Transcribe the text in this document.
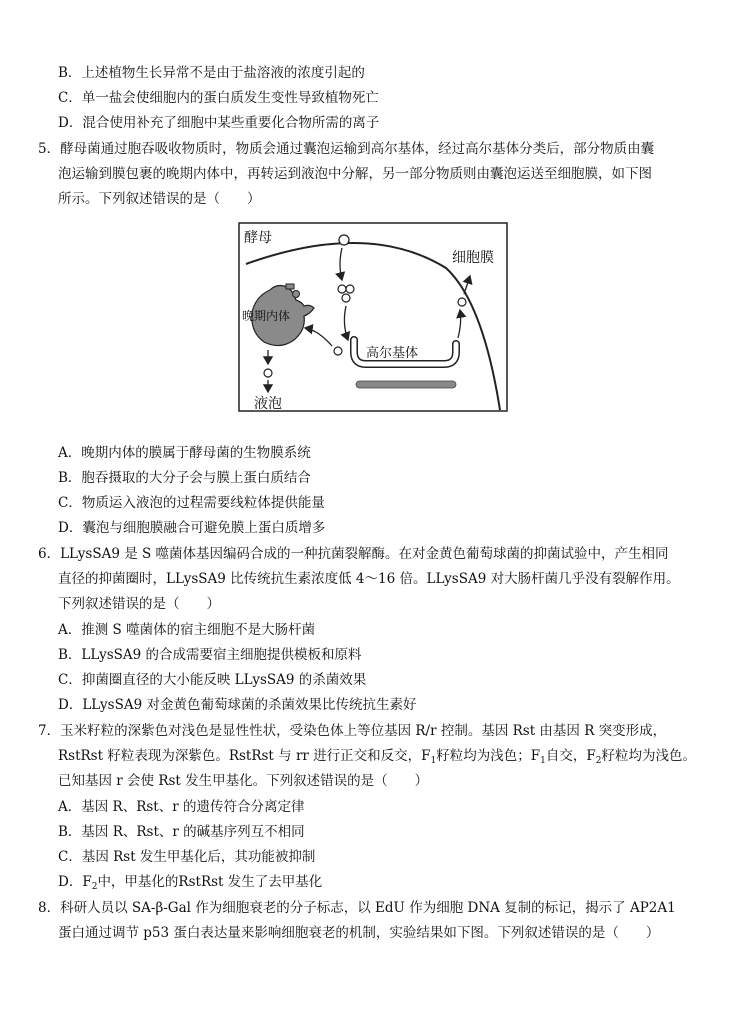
B．上述植物生长异常不是由于盐溶液的浓度引起的
C．单一盐会使细胞内的蛋白质发生变性导致植物死亡
D．混合使用补充了细胞中某些重要化合物所需的离子
5．酵母菌通过胞吞吸收物质时，物质会通过囊泡运输到高尔基体，经过高尔基体分类后，部分物质由囊
泡运输到膜包裹的晚期内体中，再转运到液泡中分解，另一部分物质则由囊泡运送至细胞膜，如下图
所示。下列叙述错误的是（　　）
A．晚期内体的膜属于酵母菌的生物膜系统
B．胞吞摄取的大分子会与膜上蛋白质结合
C．物质运入液泡的过程需要线粒体提供能量
D．囊泡与细胞膜融合可避免膜上蛋白质增多
6．LLysSA9 是 S 噬菌体基因编码合成的一种抗菌裂解酶。在对金黄色葡萄球菌的抑菌试验中，产生相同
直径的抑菌圈时，LLysSA9 比传统抗生素浓度低 4～16 倍。LLysSA9 对大肠杆菌几乎没有裂解作用。
下列叙述错误的是（　　）
A．推测 S 噬菌体的宿主细胞不是大肠杆菌
B．LLysSA9 的合成需要宿主细胞提供模板和原料
C．抑菌圈直径的大小能反映 LLysSA9 的杀菌效果
D．LLysSA9 对金黄色葡萄球菌的杀菌效果比传统抗生素好
7．玉米籽粒的深紫色对浅色是显性性状，受染色体上等位基因 R/r 控制。基因 Rst 由基因 R 突变形成，
RstRst 籽粒表现为深紫色。RstRst 与 rr 进行正交和反交，$F_1$籽粒均为浅色；$F_1$自交，$F_2$籽粒均为浅色。
已知基因 r 会使 Rst 发生甲基化。下列叙述错误的是（　　）
A．基因 R、Rst、r 的遗传符合分离定律
B．基因 R、Rst、r 的碱基序列互不相同
C．基因 Rst 发生甲基化后，其功能被抑制
D．$F_2$中，甲基化的RstRst 发生了去甲基化
8．科研人员以 SA-β-Gal 作为细胞衰老的分子标志，以 EdU 作为细胞 DNA 复制的标记，揭示了 AP2A1
蛋白通过调节 p53 蛋白表达量来影响细胞衰老的机制，实验结果如下图。下列叙述错误的是（　　）
高尔基体
晚期内体
酵母
细胞膜
液泡
